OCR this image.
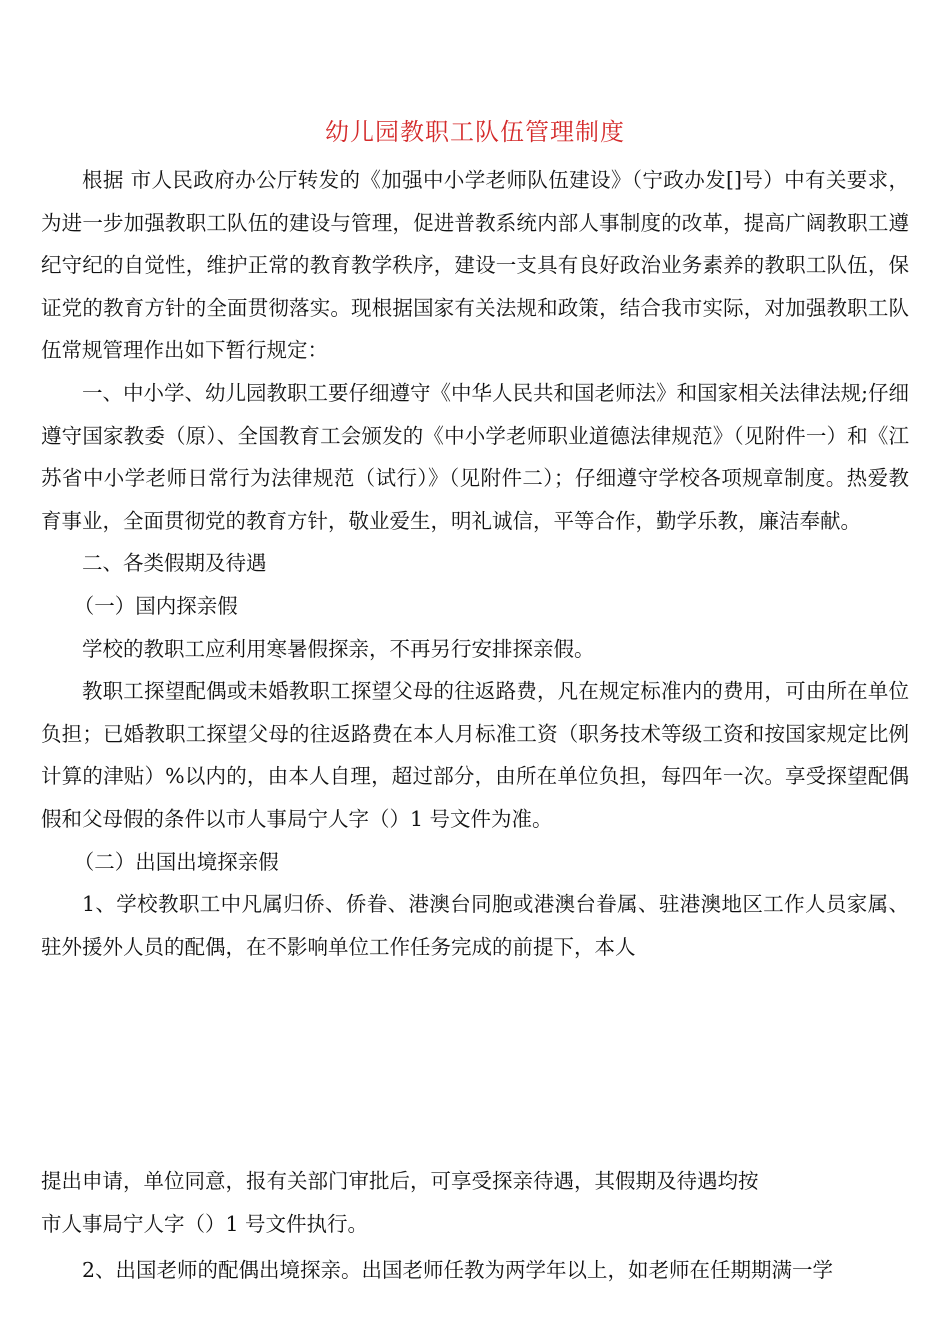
幼儿园教职工队伍管理制度

根据 市人民政府办公厅转发的《加强中小学老师队伍建设》（宁政办发[]号）中有关要求，为进一步加强教职工队伍的建设与管理，促进普教系统内部人事制度的改革，提高广阔教职工遵纪守纪的自觉性，维护正常的教育教学秩序，建设一支具有良好政治业务素养的教职工队伍，保证党的教育方针的全面贯彻落实。现根据国家有关法规和政策，结合我市实际，对加强教职工队伍常规管理作出如下暂行规定：

一、中小学、幼儿园教职工要仔细遵守《中华人民共和国老师法》和国家相关法律法规;仔细遵守国家教委（原）、全国教育工会颁发的《中小学老师职业道德法律规范》（见附件一）和《江苏省中小学老师日常行为法律规范（试行）》（见附件二）；仔细遵守学校各项规章制度。热爱教育事业，全面贯彻党的教育方针，敬业爱生，明礼诚信，平等合作，勤学乐教，廉洁奉献。

二、各类假期及待遇

（一）国内探亲假

学校的教职工应利用寒暑假探亲，不再另行安排探亲假。

教职工探望配偶或未婚教职工探望父母的往返路费，凡在规定标准内的费用，可由所在单位负担；已婚教职工探望父母的往返路费在本人月标准工资（职务技术等级工资和按国家规定比例计算的津贴）%以内的，由本人自理，超过部分，由所在单位负担，每四年一次。享受探望配偶假和父母假的条件以市人事局宁人字（）1 号文件为准。

（二）出国出境探亲假

1、学校教职工中凡属归侨、侨眷、港澳台同胞或港澳台眷属、驻港澳地区工作人员家属、驻外援外人员的配偶，在不影响单位工作任务完成的前提下，本人

提出申请，单位同意，报有关部门审批后，可享受探亲待遇，其假期及待遇均按

市人事局宁人字（）1 号文件执行。

2、出国老师的配偶出境探亲。出国老师任教为两学年以上，如老师在任期期满一学
